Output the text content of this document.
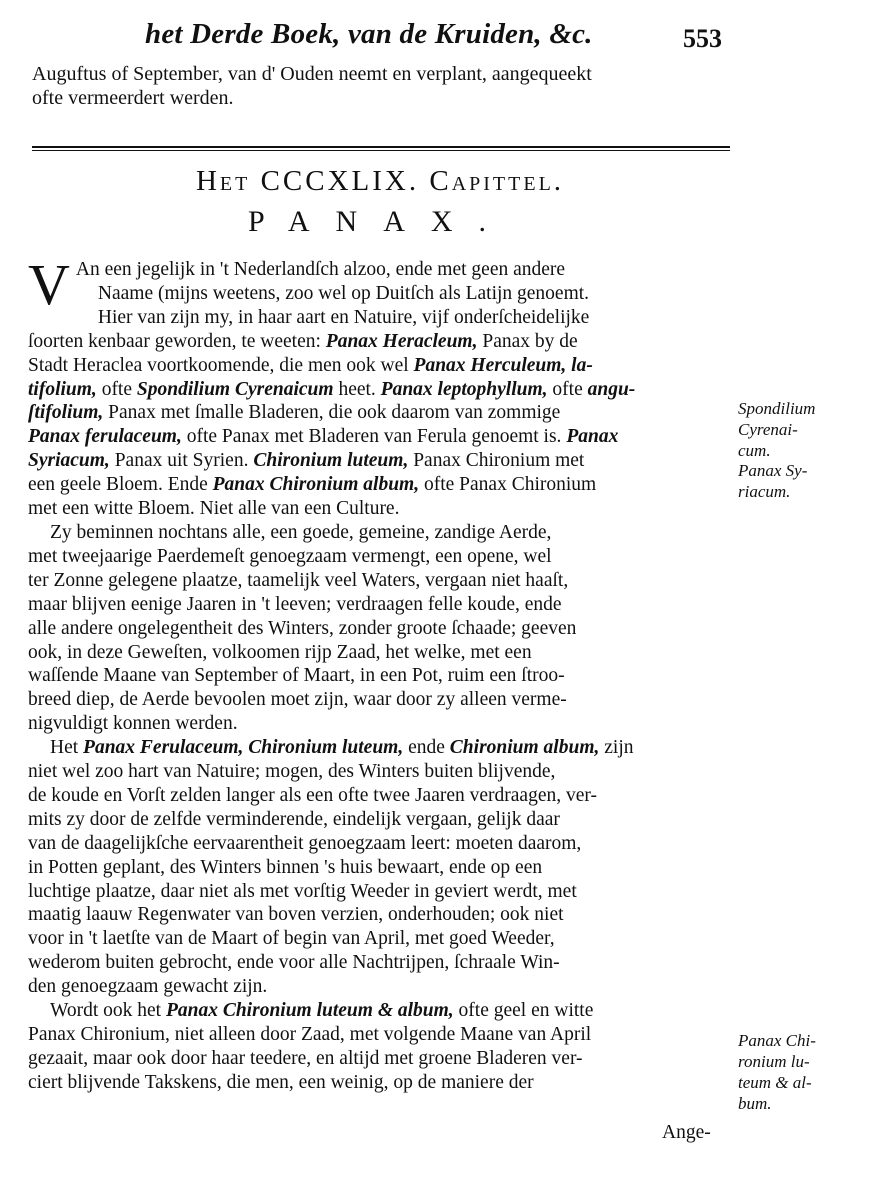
het Derde Boek, van de Kruiden, &c.	553
Auguftus of September, van d' Ouden neemt en verplant, aangequeekt
ofte vermeerdert werden.
Het CCCXLIX. Capittel.
PANAX.
V An een jegelijk in 't Nederlandſch alzoo, ende met geen andere
Naame (mijns weetens, zoo wel op Duitſch als Latijn genoemt.
Hier van zijn my, in haar aart en Natuire, vijf onderſcheidelijke
ſoorten kenbaar geworden, te weeten: Panax Heracleum, Panax by de
Stadt Heraclea voortkoomende, die men ook wel Panax Herculeum, la-
tifolium, ofte Spondilium Cyrenaicum heet. Panax leptophyllum, ofte angu-
ſtifolium, Panax met ſmalle Bladeren, die ook daarom van zommige
Panax ferulaceum, ofte Panax met Bladeren van Ferula genoemt is. Panax
Syriacum, Panax uit Syrien. Chironium luteum, Panax Chironium met
een geele Bloem. Ende Panax Chironium album, ofte Panax Chironium
met een witte Bloem. Niet alle van een Culture.
Zy beminnen nochtans alle, een goede, gemeine, zandige Aerde,
met tweejaarige Paerdemeſt genoegzaam vermengt, een opene, wel
ter Zonne gelegene plaatze, taamelijk veel Waters, vergaan niet haaſt,
maar blijven eenige Jaaren in 't leeven; verdraagen felle koude, ende
alle andere ongelegentheit des Winters, zonder groote ſchaade; geeven
ook, in deze Geweſten, volkoomen rijp Zaad, het welke, met een
waſſende Maane van September of Maart, in een Pot, ruim een ſtroo-
breed diep, de Aerde bevoolen moet zijn, waar door zy alleen verme-
nigvuldigt konnen werden.
Het Panax Ferulaceum, Chironium luteum, ende Chironium album, zijn
niet wel zoo hart van Natuire; mogen, des Winters buiten blijvende,
de koude en Vorſt zelden langer als een ofte twee Jaaren verdraagen, ver-
mits zy door de zelfde verminderende, eindelijk vergaan, gelijk daar
van de daagelijkſche eervaarentheit genoegzaam leert: moeten daarom,
in Potten geplant, des Winters binnen 's huis bewaart, ende op een
luchtige plaatze, daar niet als met vorſtig Weeder in geviert werdt, met
maatig laauw Regenwater van boven verzien, onderhouden; ook niet
voor in 't laetſte van de Maart of begin van April, met goed Weeder,
wederom buiten gebrocht, ende voor alle Nachtrijpen, ſchraale Win-
den genoegzaam gewacht zijn.
Wordt ook het Panax Chironium luteum & album, ofte geel en witte
Panax Chironium, niet alleen door Zaad, met volgende Maane van April
gezaait, maar ook door haar teedere, en altijd met groene Bladeren ver-
ciert blijvende Takskens, die men, een weinig, op de maniere der
Spondilium
Cyrenai-
cum.
Panax Sy-
riacum.
Panax Chi-
ronium lu-
teum & al-
bum.
Ange-
